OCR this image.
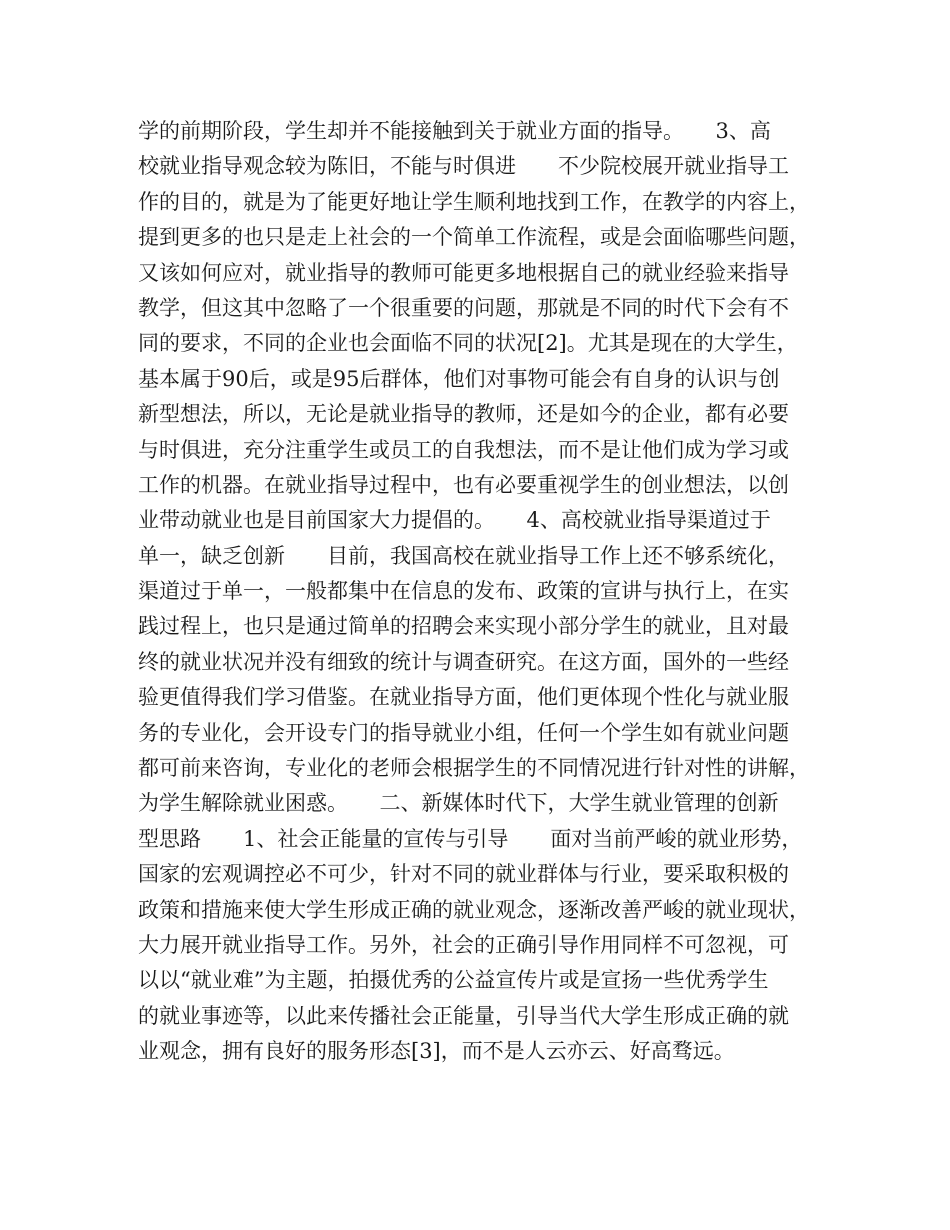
学的前期阶段，学生却并不能接触到关于就业方面的指导。　　3、高
校就业指导观念较为陈旧，不能与时俱进　　不少院校展开就业指导工
作的目的，就是为了能更好地让学生顺利地找到工作，在教学的内容上，
提到更多的也只是走上社会的一个简单工作流程，或是会面临哪些问题，
又该如何应对，就业指导的教师可能更多地根据自己的就业经验来指导
教学，但这其中忽略了一个很重要的问题，那就是不同的时代下会有不
同的要求，不同的企业也会面临不同的状况[2]。尤其是现在的大学生，
基本属于90后，或是95后群体，他们对事物可能会有自身的认识与创
新型想法，所以，无论是就业指导的教师，还是如今的企业，都有必要
与时俱进，充分注重学生或员工的自我想法，而不是让他们成为学习或
工作的机器。在就业指导过程中，也有必要重视学生的创业想法，以创
业带动就业也是目前国家大力提倡的。　　4、高校就业指导渠道过于
单一，缺乏创新　　目前，我国高校在就业指导工作上还不够系统化，
渠道过于单一，一般都集中在信息的发布、政策的宣讲与执行上，在实
践过程上，也只是通过简单的招聘会来实现小部分学生的就业，且对最
终的就业状况并没有细致的统计与调查研究。在这方面，国外的一些经
验更值得我们学习借鉴。在就业指导方面，他们更体现个性化与就业服
务的专业化，会开设专门的指导就业小组，任何一个学生如有就业问题
都可前来咨询，专业化的老师会根据学生的不同情况进行针对性的讲解，
为学生解除就业困惑。　　二、新媒体时代下，大学生就业管理的创新
型思路　　1、社会正能量的宣传与引导　　面对当前严峻的就业形势，
国家的宏观调控必不可少，针对不同的就业群体与行业，要采取积极的
政策和措施来使大学生形成正确的就业观念，逐渐改善严峻的就业现状，
大力展开就业指导工作。另外，社会的正确引导作用同样不可忽视，可
以以“就业难”为主题，拍摄优秀的公益宣传片或是宣扬一些优秀学生
的就业事迹等，以此来传播社会正能量，引导当代大学生形成正确的就
业观念，拥有良好的服务形态[3]，而不是人云亦云、好高骛远。
